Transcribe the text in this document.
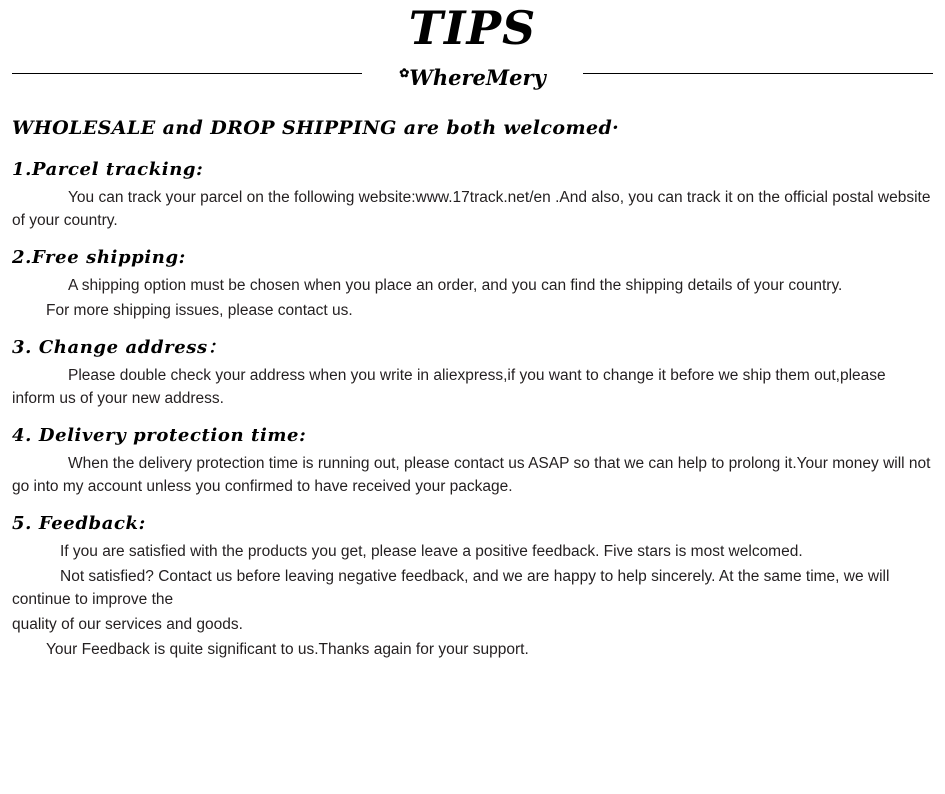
TIPS
✿WhereMery
WHOLESALE and DROP SHIPPING are both welcomed·
1.Parcel tracking:

You can track your parcel on the following website:www.17track.net/en .And also, you can track it on the official postal website of your country.

2.Free shipping:

A shipping option must be chosen when you place an order, and you can find the shipping details of your country.

For more shipping issues, please contact us.

3. Change address：

Please double check your address when you write in aliexpress,if you want to change it before we ship them out,please inform us of your new address.

4. Delivery protection time:

When the delivery protection time is running out, please contact us ASAP so that we can help to prolong it.Your money will not go into my account unless you confirmed to have received your package.

5. Feedback:

If you are satisfied with the products you get, please leave a positive feedback. Five stars is most welcomed.

Not satisfied? Contact us before leaving negative feedback, and we are happy to help sincerely. At the same time, we will continue to improve the

quality of our services and goods.

Your Feedback is quite significant to us.Thanks again for your support.
